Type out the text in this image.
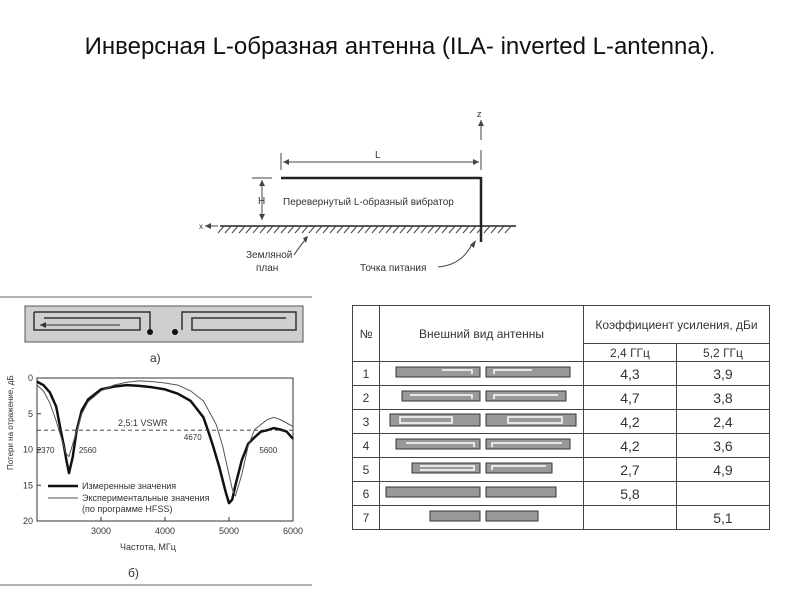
Инверсная L-образная антенна (ILA- inverted L-antenna).
z
L
H Перевернутый L-образный вибратор
x
Земляной
план	Точка питания
а)
0
5
10
15
20
3000	4000	5000	6000
2,5:1 VSWR
2370	2560
4670
5600
Измеренные значения
Экспериментальные значения (по программе HFSS)
Потери на отражение, дБ
Частота, МГц
б)
№	Внешний вид антенны	Коэффициент усиления, дБи	
		2,4 ГГц	5,2 ГГц
1		4,3	3,9
2		4,7	3,8
3		4,2	2,4
4		4,2	3,6
5		2,7	4,9
6		5,8	
7			5,1
